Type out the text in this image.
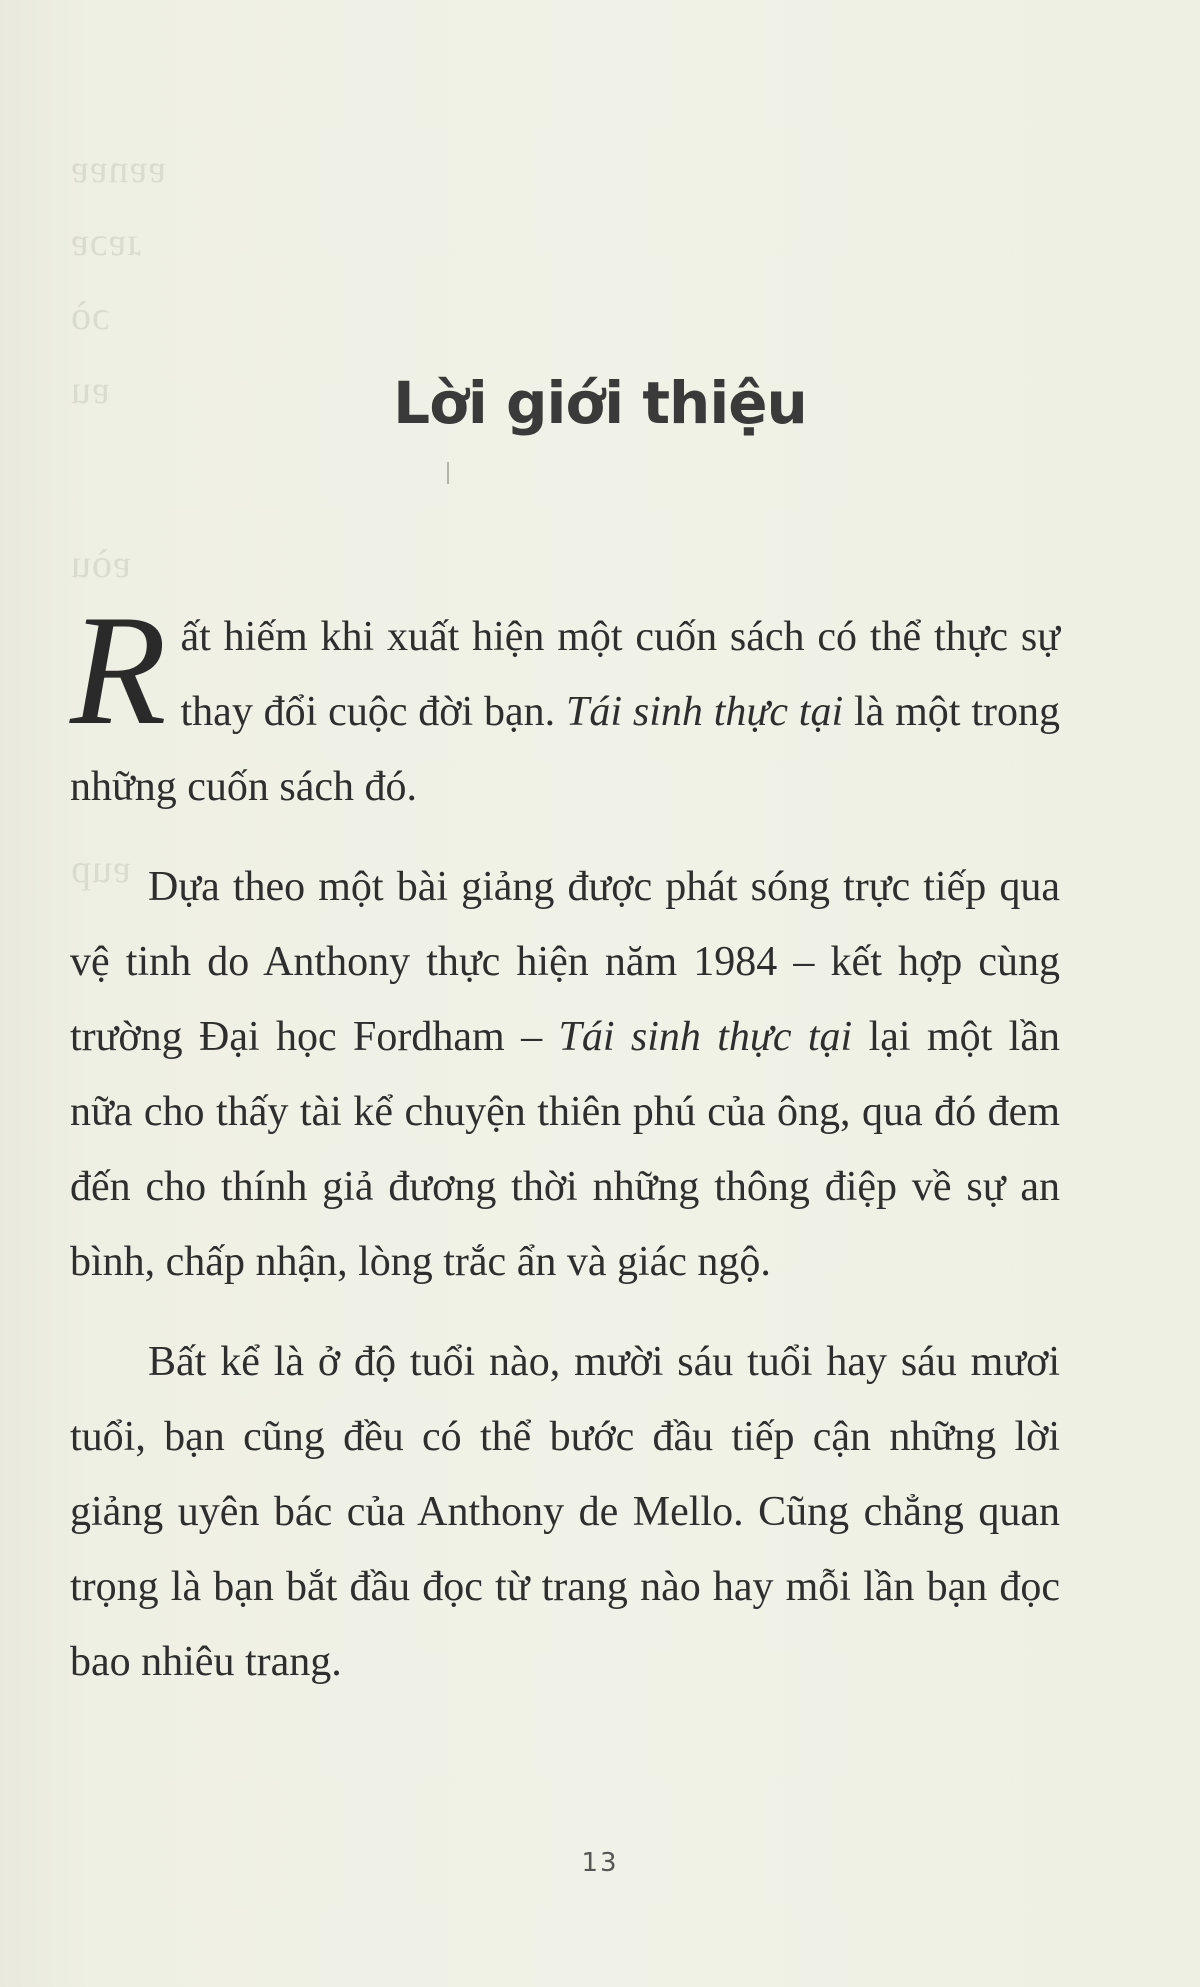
ɐɐnɐɐ
ɹɐɔɐ
ɔò
ɐu
ɐòu
ɐup
Lời giới thiệu

Rất hiếm khi xuất hiện một cuốn sách có thể thực sự thay đổi cuộc đời bạn. Tái sinh thực tại là một trong những cuốn sách đó.

Dựa theo một bài giảng được phát sóng trực tiếp qua vệ tinh do Anthony thực hiện năm 1984 – kết hợp cùng trường Đại học Fordham – Tái sinh thực tại lại một lần nữa cho thấy tài kể chuyện thiên phú của ông, qua đó đem đến cho thính giả đương thời những thông điệp về sự an bình, chấp nhận, lòng trắc ẩn và giác ngộ.

Bất kể là ở độ tuổi nào, mười sáu tuổi hay sáu mươi tuổi, bạn cũng đều có thể bước đầu tiếp cận những lời giảng uyên bác của Anthony de Mello. Cũng chẳng quan trọng là bạn bắt đầu đọc từ trang nào hay mỗi lần bạn đọc bao nhiêu trang.

13
